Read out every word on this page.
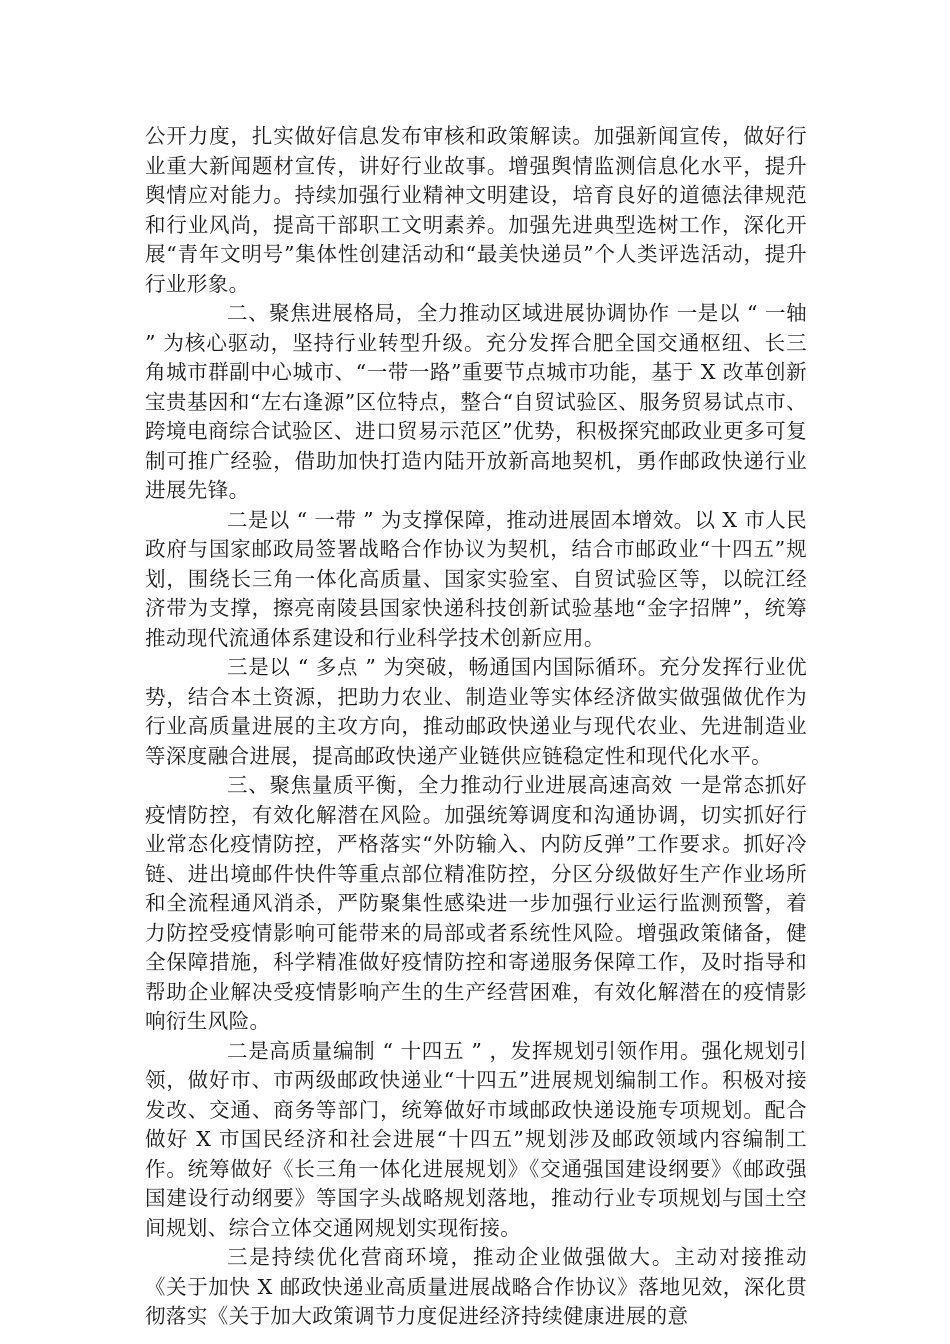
公开力度，扎实做好信息发布审核和政策解读。加强新闻宣传，做好行业重大新闻题材宣传，讲好行业故事。增强舆情监测信息化水平，提升舆情应对能力。持续加强行业精神文明建设，培育良好的道德法律规范和行业风尚，提高干部职工文明素养。加强先进典型选树工作，深化开展“青年文明号”集体性创建活动和“最美快递员”个人类评选活动，提升行业形象。

二、聚焦进展格局，全力推动区域进展协调协作 一是以 “ 一轴 ” 为核心驱动，坚持行业转型升级。充分发挥合肥全国交通枢纽、长三角城市群副中心城市、“一带一路”重要节点城市功能，基于 X 改革创新宝贵基因和“左右逢源”区位特点，整合“自贸试验区、服务贸易试点市、跨境电商综合试验区、进口贸易示范区”优势，积极探究邮政业更多可复制可推广经验，借助加快打造内陆开放新高地契机，勇作邮政快递行业进展先锋。

二是以 “ 一带 ” 为支撑保障，推动进展固本增效。以 X 市人民政府与国家邮政局签署战略合作协议为契机，结合市邮政业“十四五”规划，围绕长三角一体化高质量、国家实验室、自贸试验区等，以皖江经济带为支撑，擦亮南陵县国家快递科技创新试验基地“金字招牌”，统筹推动现代流通体系建设和行业科学技术创新应用。

三是以 “ 多点 ” 为突破，畅通国内国际循环。充分发挥行业优势，结合本土资源，把助力农业、制造业等实体经济做实做强做优作为行业高质量进展的主攻方向，推动邮政快递业与现代农业、先进制造业等深度融合进展，提高邮政快递产业链供应链稳定性和现代化水平。

三、聚焦量质平衡，全力推动行业进展高速高效 一是常态抓好疫情防控，有效化解潜在风险。加强统筹调度和沟通协调，切实抓好行业常态化疫情防控，严格落实“外防输入、内防反弹”工作要求。抓好冷链、进出境邮件快件等重点部位精准防控，分区分级做好生产作业场所和全流程通风消杀，严防聚集性感染进一步加强行业运行监测预警，着力防控受疫情影响可能带来的局部或者系统性风险。增强政策储备，健全保障措施，科学精准做好疫情防控和寄递服务保障工作，及时指导和帮助企业解决受疫情影响产生的生产经营困难，有效化解潜在的疫情影响衍生风险。

二是高质量编制 “ 十四五 ” ，发挥规划引领作用。强化规划引领，做好市、市两级邮政快递业“十四五”进展规划编制工作。积极对接发改、交通、商务等部门，统筹做好市域邮政快递设施专项规划。配合做好 X 市国民经济和社会进展“十四五”规划涉及邮政领域内容编制工作。统筹做好《长三角一体化进展规划》《交通强国建设纲要》《邮政强国建设行动纲要》等国字头战略规划落地，推动行业专项规划与国土空间规划、综合立体交通网规划实现衔接。

三是持续优化营商环境，推动企业做强做大。主动对接推动《关于加快 X 邮政快递业高质量进展战略合作协议》落地见效，深化贯彻落实《关于加大政策调节力度促进经济持续健康进展的意
